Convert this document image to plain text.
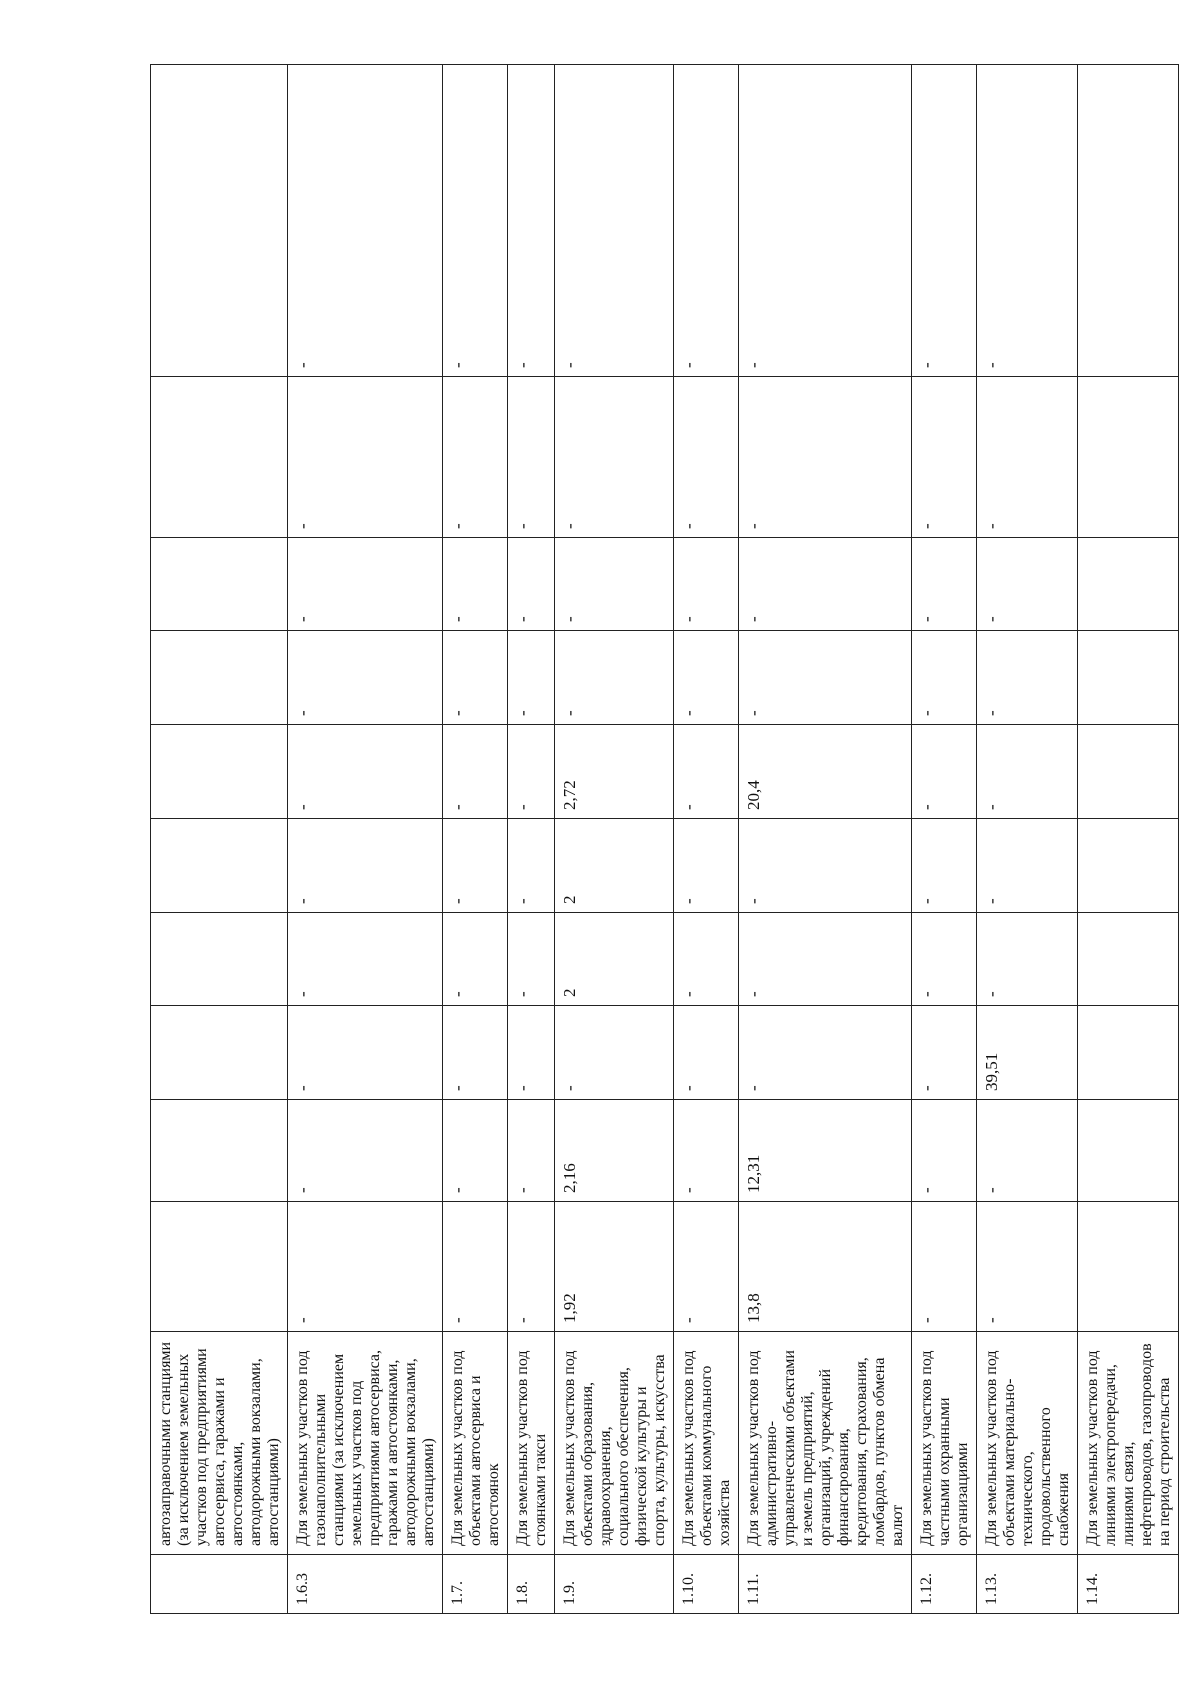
	автозаправочными станциями (за исключением земельных участков под предприятиями автосервиса, гаражами и автостоянками, автодорожными вокзалами, автостанциями)										
1.6.3	Для земельных участков под газонаполнительными станциями (за исключением земельных участков под предприятиями автосервиса, гаражами и автостоянками, автодорожными вокзалами, автостанциями)	-	-	-	-	-	-	-	-	-	-
1.7.	Для земельных участков под объектами автосервиса и автостоянок	-	-	-	-	-	-	-	-	-	-
1.8.	Для земельных участков под стоянками такси	-	-	-	-	-	-	-	-	-	-
1.9.	Для земельных участков под объектами образования, здравоохранения, социального обеспечения, физической культуры и спорта, культуры, искусства	1,92	2,16	-	2	2	2,72	-	-	-	-
1.10.	Для земельных участков под объектами коммунального хозяйства	-	-	-	-	-	-	-	-	-	-
1.11.	Для земельных участков под административно-управленческими объектами и земель предприятий, организаций, учреждений финансирования, кредитования, страхования, ломбардов, пунктов обмена валют	13,8	12,31	-	-	-	20,4	-	-	-	-
1.12.	Для земельных участков под частными охранными организациями	-	-	-	-	-	-	-	-	-	-
1.13.	Для земельных участков под объектами материально-технического, продовольственного снабжения	-	-	39,51	-	-	-	-	-	-	-
1.14.	Для земельных участков под линиями электропередачи, линиями связи, нефтепроводов, газопроводов на период строительства										
